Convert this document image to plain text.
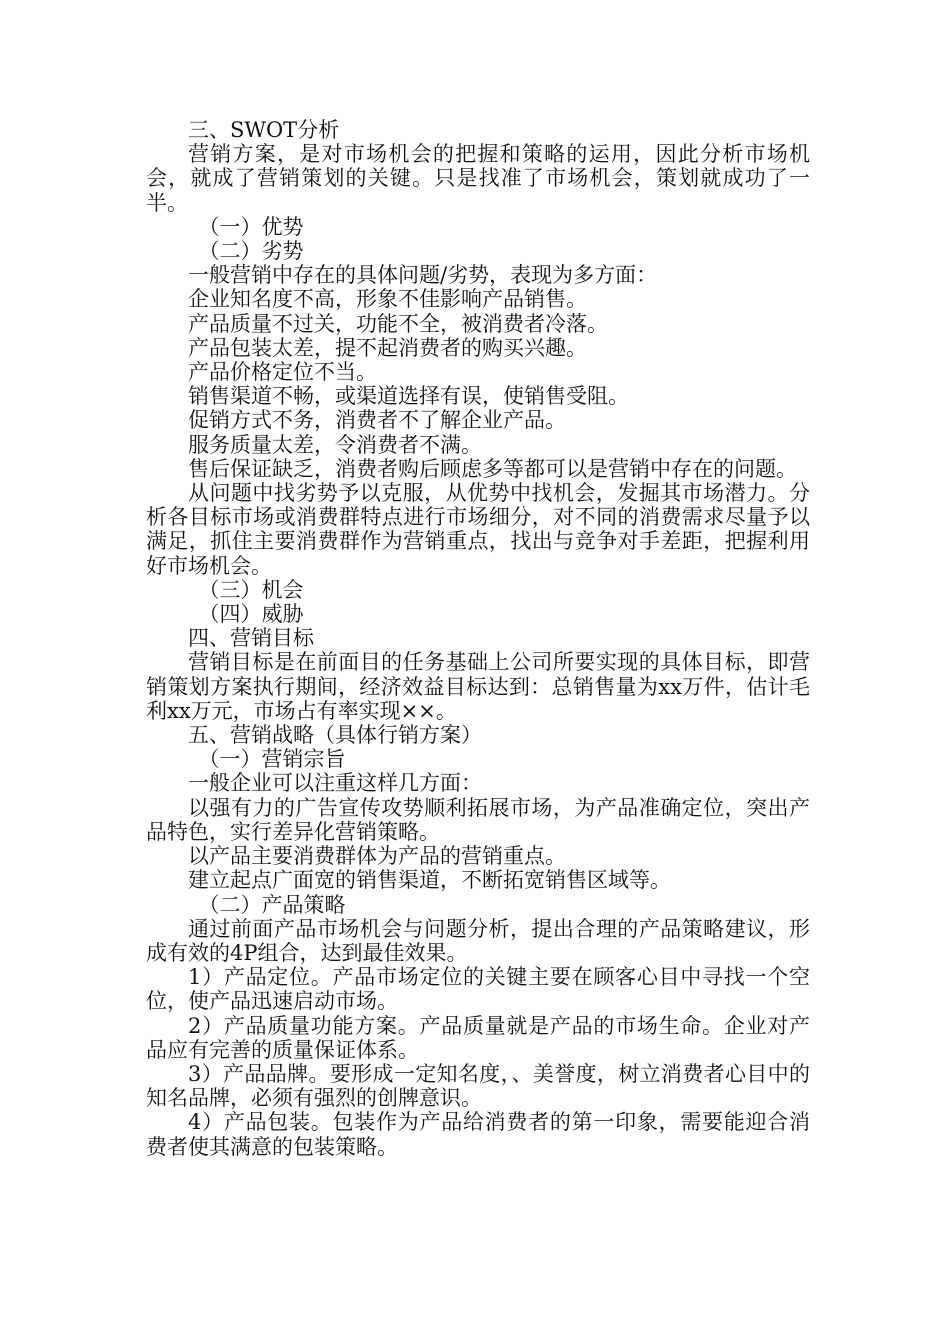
三、SWOT分析

营销方案，是对市场机会的把握和策略的运用，因此分析市场机会，就成了营销策划的关键。只是找准了市场机会，策划就成功了一半。

（一）优势

（二）劣势

一般营销中存在的具体问题/劣势，表现为多方面：

企业知名度不高，形象不佳影响产品销售。

产品质量不过关，功能不全，被消费者冷落。

产品包装太差，提不起消费者的购买兴趣。

产品价格定位不当。

销售渠道不畅，或渠道选择有误，使销售受阻。

促销方式不务，消费者不了解企业产品。

服务质量太差，令消费者不满。

售后保证缺乏，消费者购后顾虑多等都可以是营销中存在的问题。

从问题中找劣势予以克服，从优势中找机会，发掘其市场潜力。分析各目标市场或消费群特点进行市场细分，对不同的消费需求尽量予以满足，抓住主要消费群作为营销重点，找出与竞争对手差距，把握利用好市场机会。

（三）机会

（四）威胁

四、营销目标

营销目标是在前面目的任务基础上公司所要实现的具体目标，即营销策划方案执行期间，经济效益目标达到：总销售量为xx万件，估计毛利xx万元，市场占有率实现××。

五、营销战略（具体行销方案）

（一）营销宗旨

一般企业可以注重这样几方面：

以强有力的广告宣传攻势顺利拓展市场，为产品准确定位，突出产品特色，实行差异化营销策略。

以产品主要消费群体为产品的营销重点。

建立起点广面宽的销售渠道，不断拓宽销售区域等。

（二）产品策略

通过前面产品市场机会与问题分析，提出合理的产品策略建议，形成有效的4P组合，达到最佳效果。

1）产品定位。产品市场定位的关键主要在顾客心目中寻找一个空位，使产品迅速启动市场。

2）产品质量功能方案。产品质量就是产品的市场生命。企业对产品应有完善的质量保证体系。

3）产品品牌。要形成一定知名度，、美誉度，树立消费者心目中的知名品牌，必须有强烈的创牌意识。

4）产品包装。包装作为产品给消费者的第一印象，需要能迎合消费者使其满意的包装策略。
